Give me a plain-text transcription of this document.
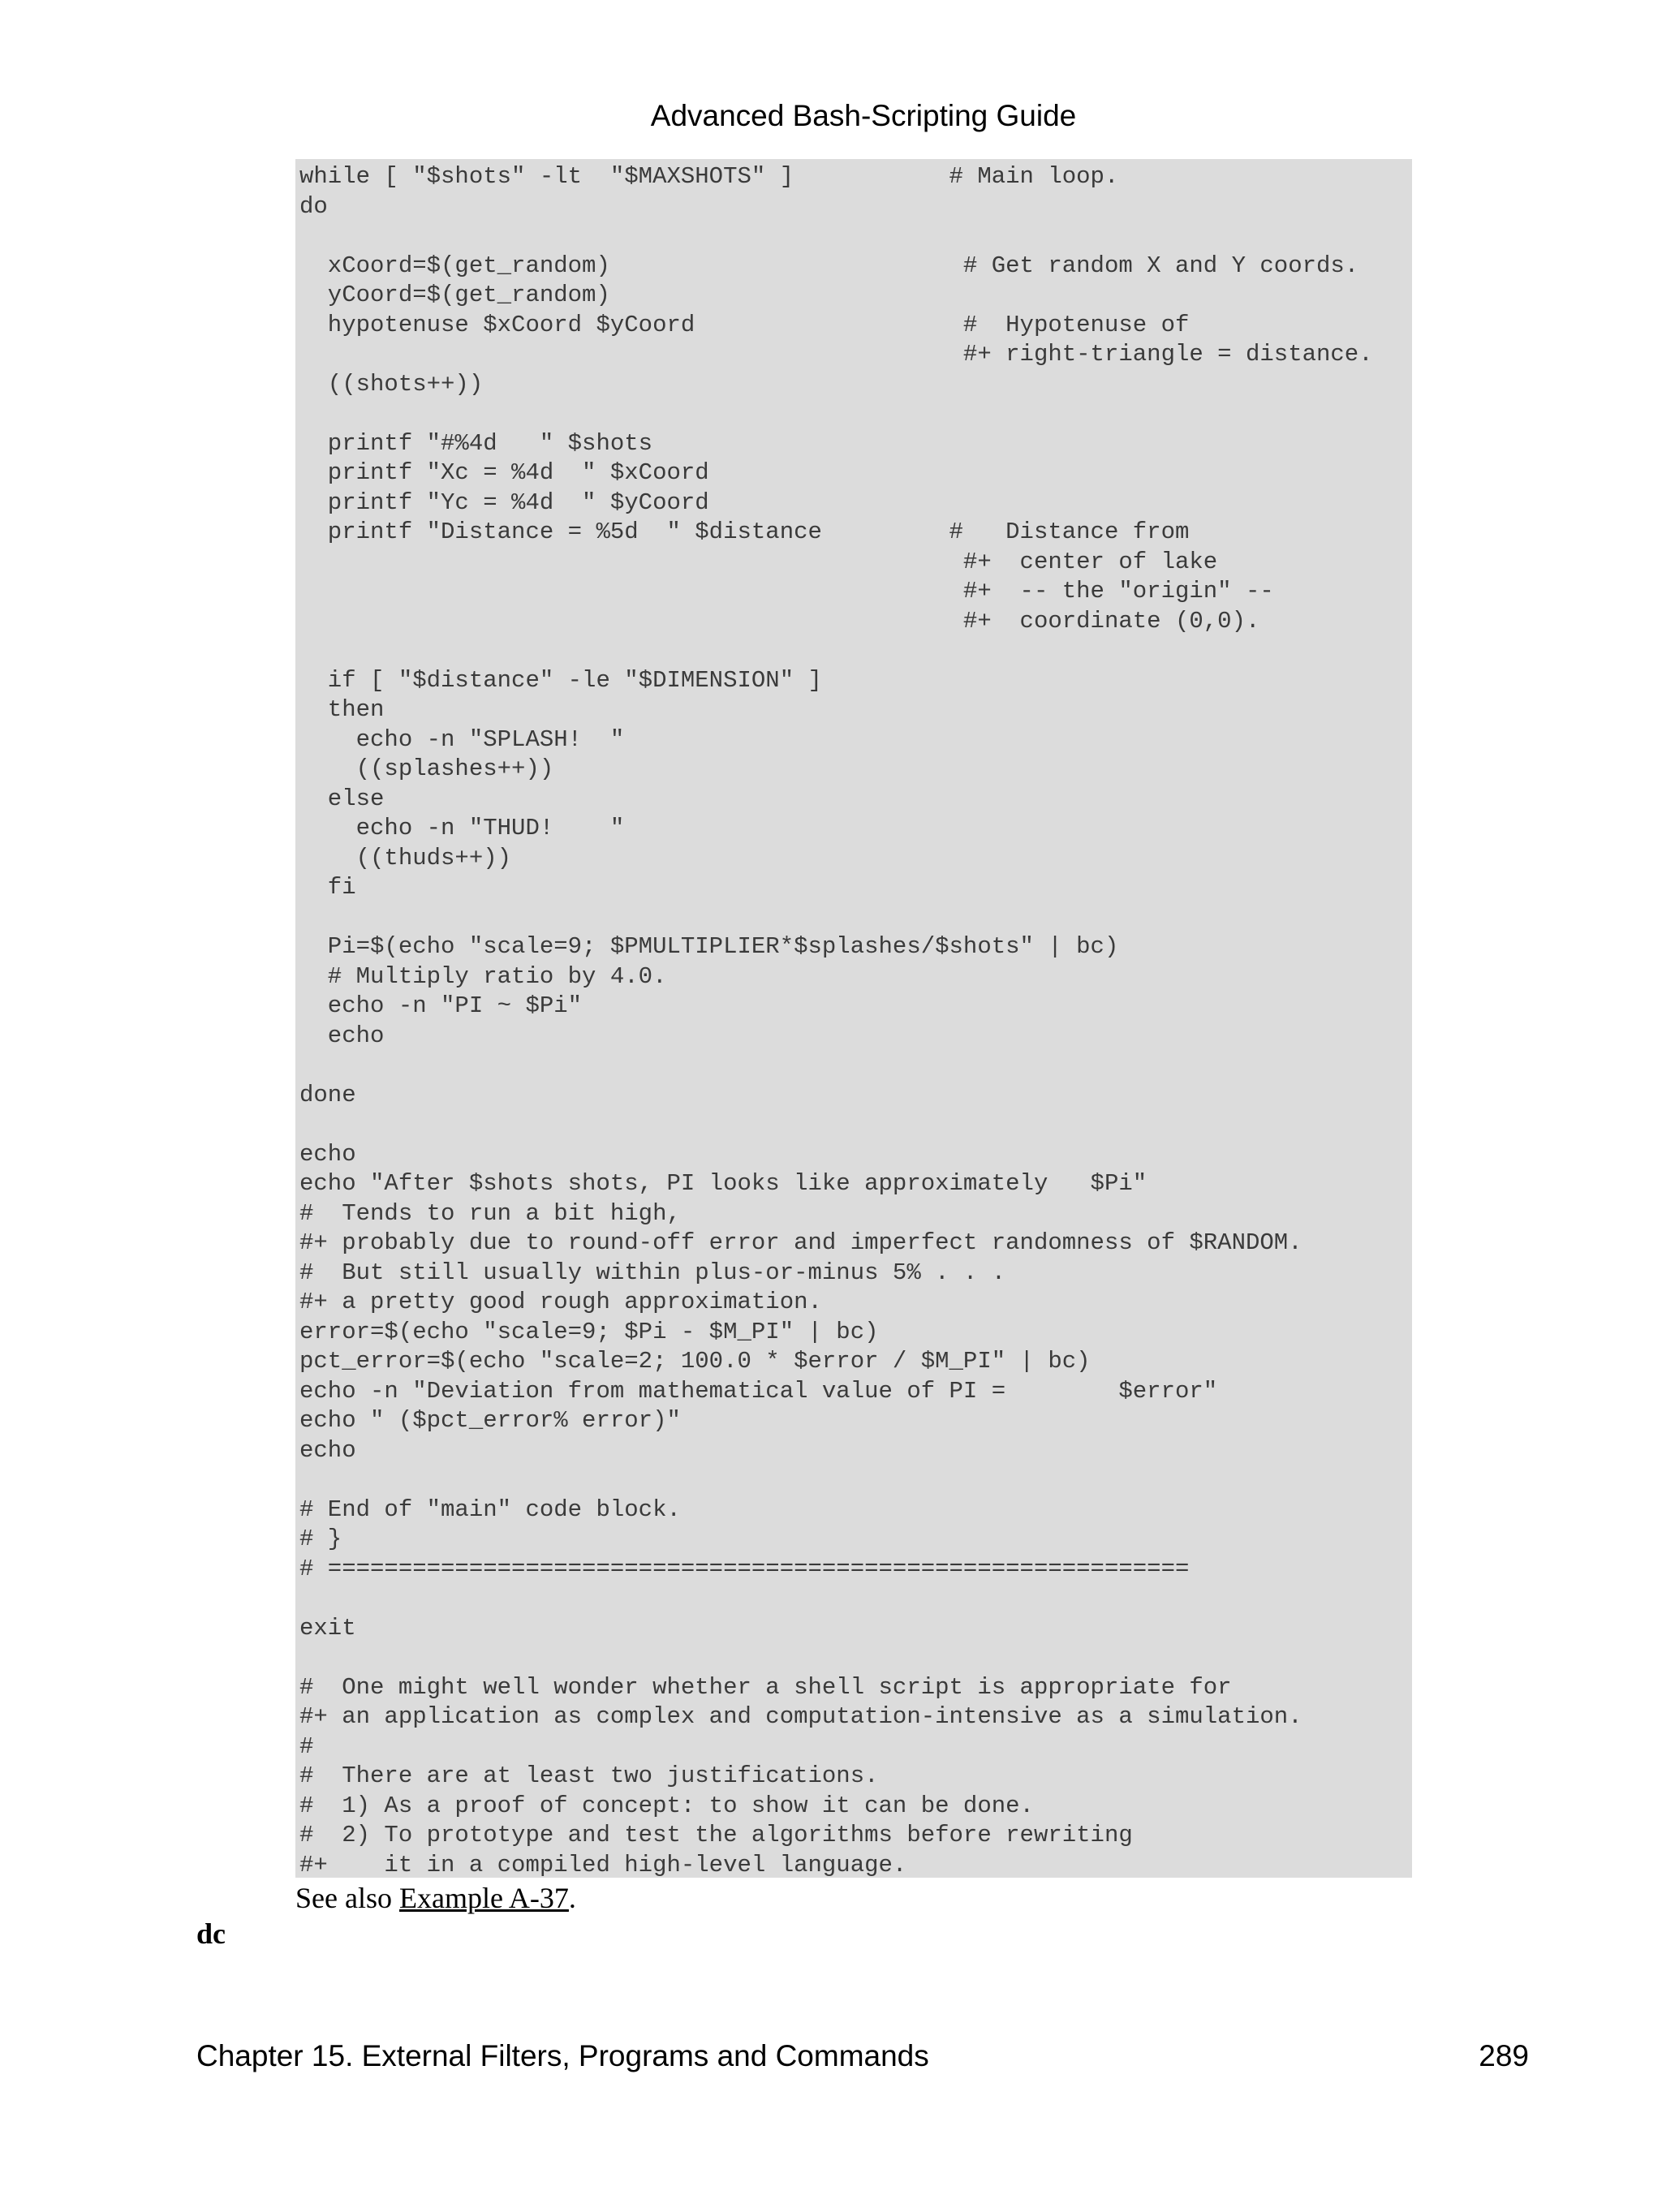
Advanced Bash-Scripting Guide
while [ "$shots" -lt  "$MAXSHOTS" ]           # Main loop.
do
xCoord=$(get_random)                         # Get random X and Y coords.
yCoord=$(get_random)
hypotenuse $xCoord $yCoord                   #  Hypotenuse of
#+ right-triangle = distance.
((shots++))
printf "#%4d   " $shots
printf "Xc = %4d  " $xCoord
printf "Yc = %4d  " $yCoord
printf "Distance = %5d  " $distance         #   Distance from
#+  center of lake
#+  -- the "origin" --
#+  coordinate (0,0).
if [ "$distance" -le "$DIMENSION" ]
then
echo -n "SPLASH!  "
((splashes++))
else
echo -n "THUD!    "
((thuds++))
fi
Pi=$(echo "scale=9; $PMULTIPLIER*$splashes/$shots" | bc)
# Multiply ratio by 4.0.
echo -n "PI ~ $Pi"
echo
done
echo
echo "After $shots shots, PI looks like approximately   $Pi"
#  Tends to run a bit high,
#+ probably due to round-off error and imperfect randomness of $RANDOM.
#  But still usually within plus-or-minus 5% . . .
#+ a pretty good rough approximation.
error=$(echo "scale=9; $Pi - $M_PI" | bc)
pct_error=$(echo "scale=2; 100.0 * $error / $M_PI" | bc)
echo -n "Deviation from mathematical value of PI =        $error"
echo " ($pct_error% error)"
echo
# End of "main" code block.
# }
# =============================================================
exit
#  One might well wonder whether a shell script is appropriate for
#+ an application as complex and computation-intensive as a simulation.
#
#  There are at least two justifications.
#  1) As a proof of concept: to show it can be done.
#  2) To prototype and test the algorithms before rewriting
#+    it in a compiled high-level language.

See also Example A-37.

dc
Chapter 15. External Filters, Programs and Commands	289
